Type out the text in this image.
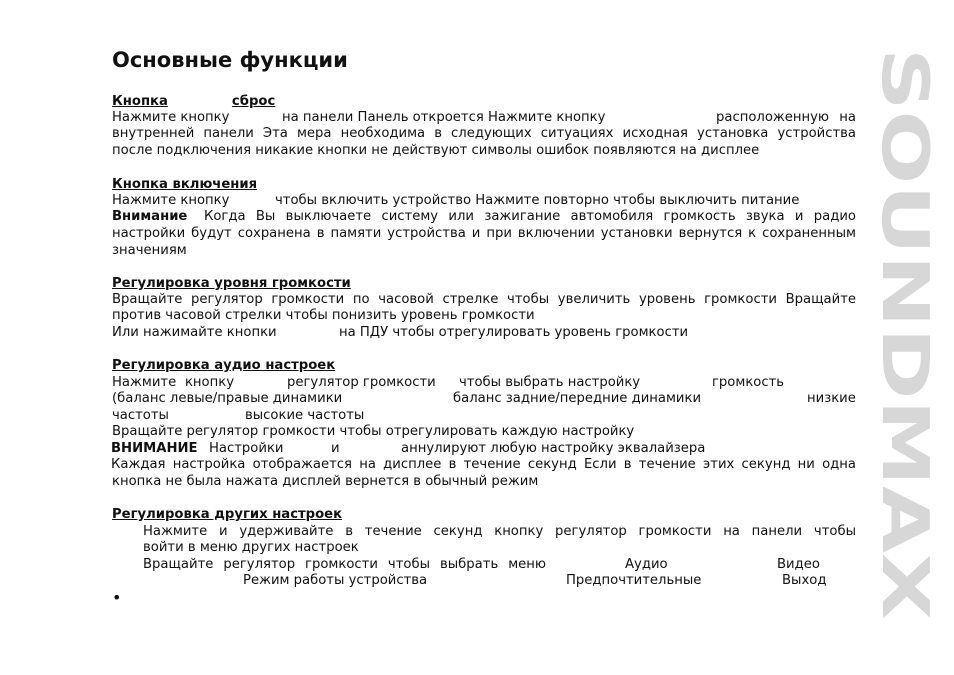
Основные функции
Кнопка	сброс
Нажмите кнопку	на панели Панель откроется Нажмите кнопку	расположенную на
внутренней панели Эта мера необходима в следующих ситуациях исходная установка устройства
после подключения никакие кнопки не действуют символы ошибок появляются на дисплее
Кнопка включения
Нажмите кнопку	чтобы включить устройство Нажмите повторно чтобы выключить питание
Внимание Когда Вы выключаете систему или зажигание автомобиля громкость звука и радио
настройки будут сохранена в памяти устройства и при включении установки вернутся к сохраненным
значениям
Регулировка уровня громкости
Вращайте регулятор громкости по часовой стрелке чтобы увеличить уровень громкости Вращайте
против часовой стрелки чтобы понизить уровень громкости
Или нажимайте кнопки	на ПДУ чтобы отрегулировать уровень громкости
Регулировка аудио настроек
Нажмите кнопку	регулятор громкости чтобы выбрать настройку	громкость
(баланс левые/правые динамики	баланс задние/передние динамики	низкие
частоты	высокие частоты
Вращайте регулятор громкости чтобы отрегулировать каждую настройку
ВНИМАНИЕ Настройки	и	аннулируют любую настройку эквалайзера
Каждая настройка отображается на дисплее в течение секунд Если в течение этих секунд ни одна
кнопка не была нажата дисплей вернется в обычный режим
Регулировка других настроек
Нажмите и удерживайте в течение секунд кнопку регулятор громкости на панели чтобы
войти в меню других настроек
Вращайте регулятор громкости чтобы выбрать меню	Аудио	Видео
Режим работы устройства	Предпочтительные	Выход
•
SOUNDMAX
